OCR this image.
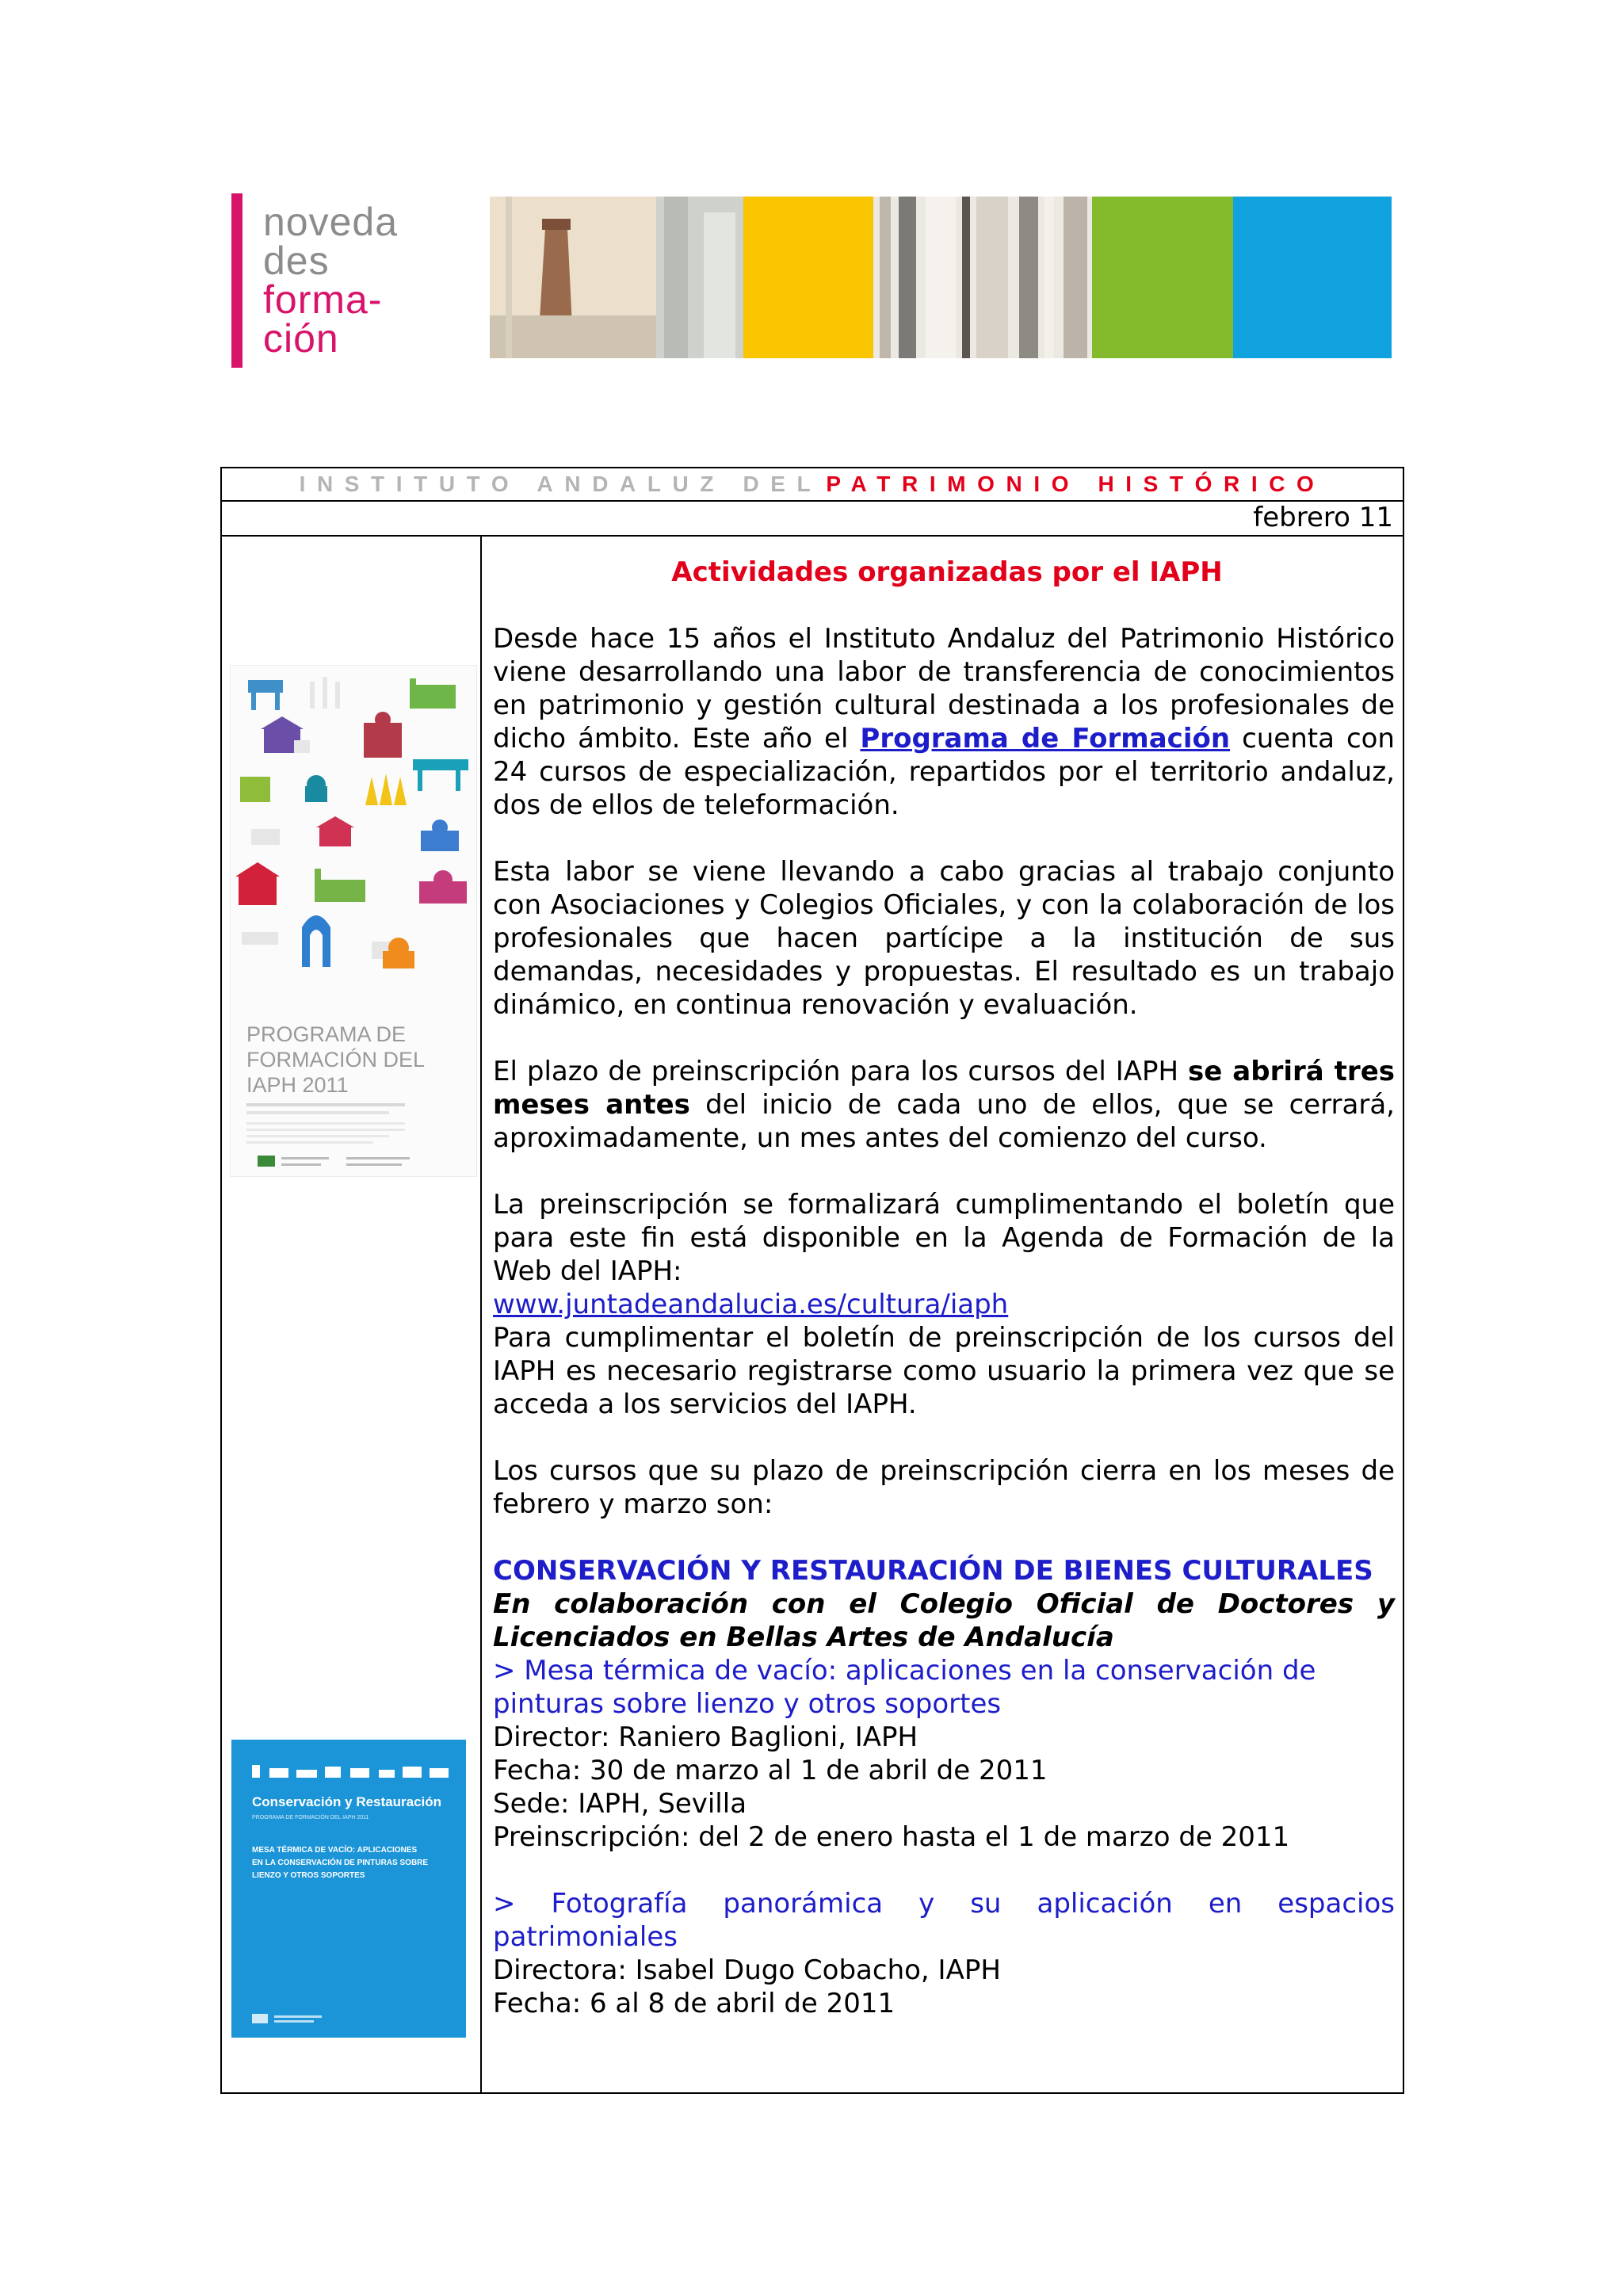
noveda
des
forma-
ción
INSTITUTO ANDALUZ DEL PATRIMONIO HISTÓRICO
febrero 11
PROGRAMA DE
FORMACIÓN DEL
IAPH 2011
Conservación y Restauración
PROGRAMA DE FORMACIÓN DEL IAPH 2011
MESA TÉRMICA DE VACÍO: APLICACIONES
EN LA CONSERVACIÓN DE PINTURAS SOBRE
LIENZO Y OTROS SOPORTES

Actividades organizadas por el IAPH

Desde hace 15 años el Instituto Andaluz del Patrimonio Histórico viene desarrollando una labor de transferencia de conocimientos en patrimonio y gestión cultural destinada a los profesionales de dicho ámbito. Este año el Programa de Formación cuenta con 24 cursos de especialización, repartidos por el territorio andaluz, dos de ellos de teleformación.

Esta labor se viene llevando a cabo gracias al trabajo conjunto con Asociaciones y Colegios Oficiales, y con la colaboración de los profesionales que hacen partícipe a la institución de sus demandas, necesidades y propuestas. El resultado es un trabajo dinámico, en continua renovación y evaluación.

El plazo de preinscripción para los cursos del IAPH se abrirá tres meses antes del inicio de cada uno de ellos, que se cerrará, aproximadamente, un mes antes del comienzo del curso.

La preinscripción se formalizará cumplimentando el boletín que para este fin está disponible en la Agenda de Formación de la Web del IAPH:

www.juntadeandalucia.es/cultura/iaph

Para cumplimentar el boletín de preinscripción de los cursos del IAPH es necesario registrarse como usuario la primera vez que se acceda a los servicios del IAPH.

Los cursos que su plazo de preinscripción cierra en los meses de febrero y marzo son:

CONSERVACIÓN Y RESTAURACIÓN DE BIENES CULTURALES

En colaboración con el Colegio Oficial de Doctores y Licenciados en Bellas Artes de Andalucía

> Mesa térmica de vacío: aplicaciones en la conservación de pinturas sobre lienzo y otros soportes

Director: Raniero Baglioni, IAPH

Fecha: 30 de marzo al 1 de abril de 2011

Sede: IAPH, Sevilla

Preinscripción: del 2 de enero hasta el 1 de marzo de 2011

> Fotografía panorámica y su aplicación en espacios patrimoniales

Directora: Isabel Dugo Cobacho, IAPH

Fecha: 6 al 8 de abril de 2011
